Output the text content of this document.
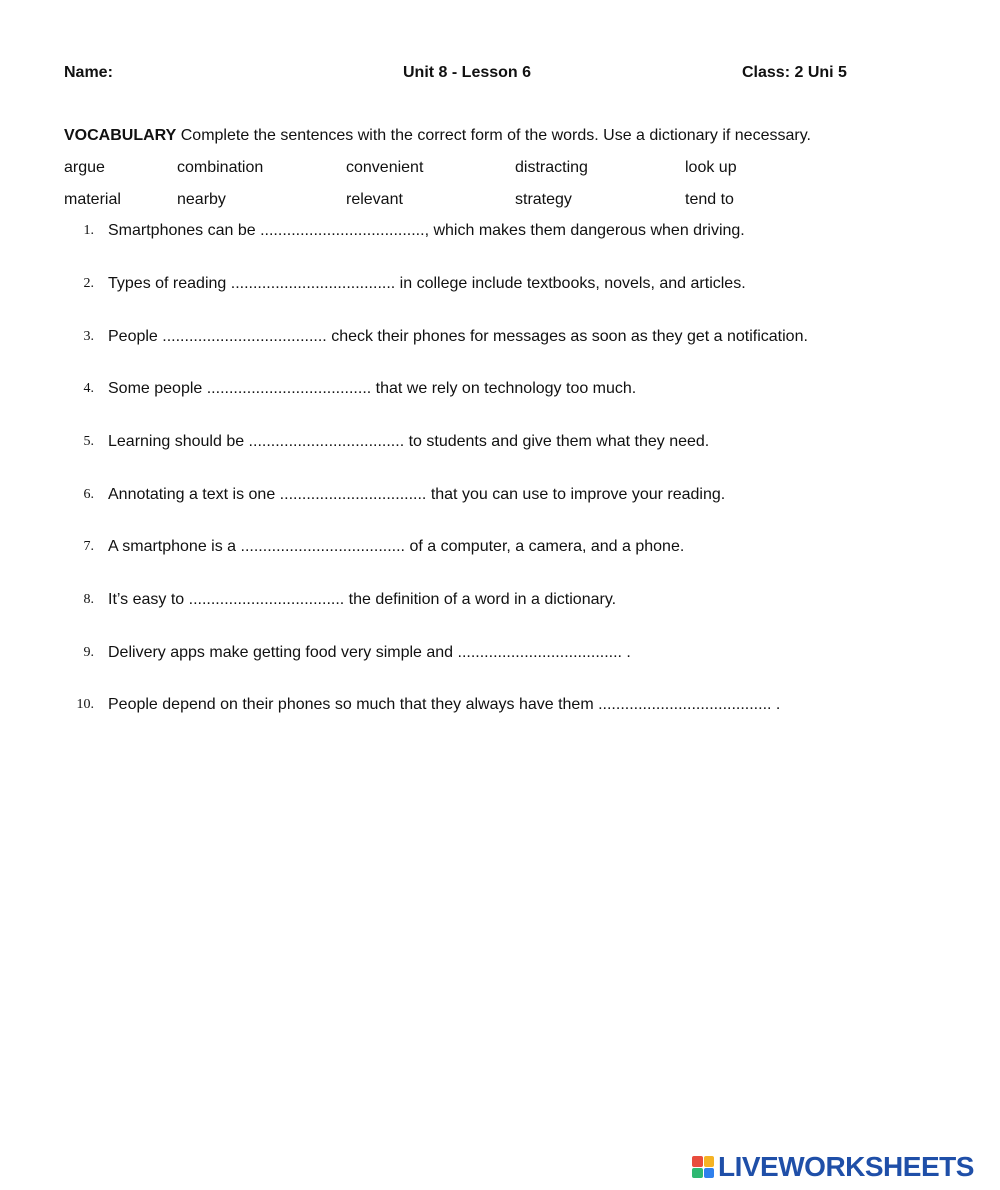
Name:	Unit 8 - Lesson 6	Class: 2 Uni 5
VOCABULARY Complete the sentences with the correct form of the words. Use a dictionary if necessary.
argue	combination	convenient	distracting	look up
material	nearby	relevant	strategy	tend to
1. Smartphones can be ....................................., which makes them dangerous when driving.
2. Types of reading ..................................... in college include textbooks, novels, and articles.
3. People ..................................... check their phones for messages as soon as they get a notification.
4. Some people ..................................... that we rely on technology too much.
5. Learning should be ................................... to students and give them what they need.
6. Annotating a text is one ................................. that you can use to improve your reading.
7. A smartphone is a ..................................... of a computer, a camera, and a phone.
8. It’s easy to ................................... the definition of a word in a dictionary.
9. Delivery apps make getting food very simple and ..................................... .
10. People depend on their phones so much that they always have them ....................................... .
LIVEWORKSHEETS
